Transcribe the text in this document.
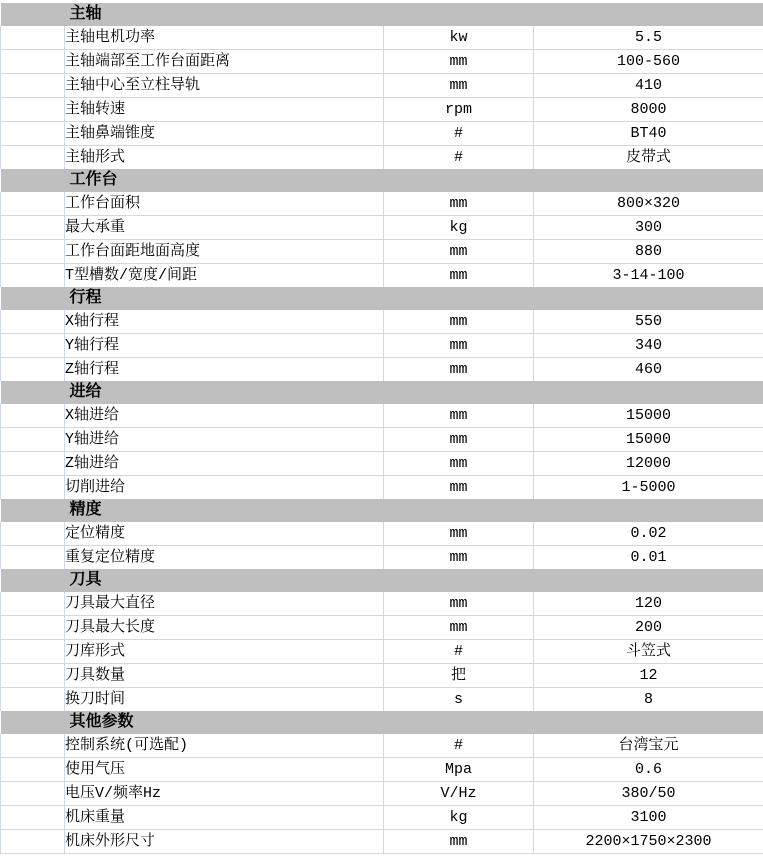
主轴			
	主轴电机功率	kw	5.5
	主轴端部至工作台面距离	mm	100-560
	主轴中心至立柱导轨	mm	410
	主轴转速	rpm	8000
	主轴鼻端锥度	#	BT40
	主轴形式	#	皮带式
工作台			
	工作台面积	mm	800×320
	最大承重	kg	300
	工作台面距地面高度	mm	880
	T型槽数/宽度/间距	mm	3-14-100
行程			
	X轴行程	mm	550
	Y轴行程	mm	340
	Z轴行程	mm	460
进给			
	X轴进给	mm	15000
	Y轴进给	mm	15000
	Z轴进给	mm	12000
	切削进给	mm	1-5000
精度			
	定位精度	mm	0.02
	重复定位精度	mm	0.01
刀具			
	刀具最大直径	mm	120
	刀具最大长度	mm	200
	刀库形式	#	斗笠式
	刀具数量	把	12
	换刀时间	s	8
其他参数			
	控制系统(可选配)	#	台湾宝元
	使用气压	Mpa	0.6
	电压V/频率Hz	V/Hz	380/50
	机床重量	kg	3100
	机床外形尺寸	mm	2200×1750×2300
